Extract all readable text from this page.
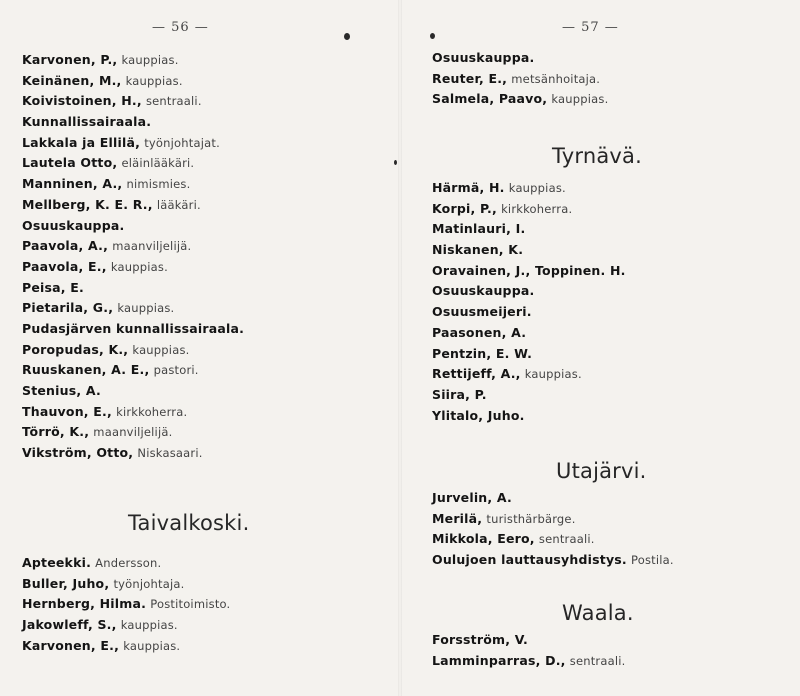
— 56 —
Karvonen, P., kauppias.
Keinänen, M., kauppias.
Koivistoinen, H., sentraali.
Kunnallissairaala.
Lakkala ja Ellilä, työnjohtajat.
Lautela Otto, eläinlääkäri.
Manninen, A., nimismies.
Mellberg, K. E. R., lääkäri.
Osuuskauppa.
Paavola, A., maanviljelijä.
Paavola, E., kauppias.
Peisa, E.
Pietarila, G., kauppias.
Pudasjärven kunnallissairaala.
Poropudas, K., kauppias.
Ruuskanen, A. E., pastori.
Stenius, A.
Thauvon, E., kirkkoherra.
Törrö, K., maanviljelijä.
Vikström, Otto, Niskasaari.
Taivalkoski.
Apteekki. Andersson.
Buller, Juho, työnjohtaja.
Hernberg, Hilma. Postitoimisto.
Jakowleff, S., kauppias.
Karvonen, E., kauppias.
— 57 —
Osuuskauppa.
Reuter, E., metsänhoitaja.
Salmela, Paavo, kauppias.
Tyrnävä.
Härmä, H. kauppias.
Korpi, P., kirkkoherra.
Matinlauri, I.
Niskanen, K.
Oravainen, J., Toppinen. H.
Osuuskauppa.
Osuusmeijeri.
Paasonen, A.
Pentzin, E. W.
Rettijeff, A., kauppias.
Siira, P.
Ylitalo, Juho.
Utajärvi.
Jurvelin, A.
Merilä, turisthärbärge.
Mikkola, Eero, sentraali.
Oulujoen lauttausyhdistys. Postila.
Waala.
Forsström, V.
Lamminparras, D., sentraali.
